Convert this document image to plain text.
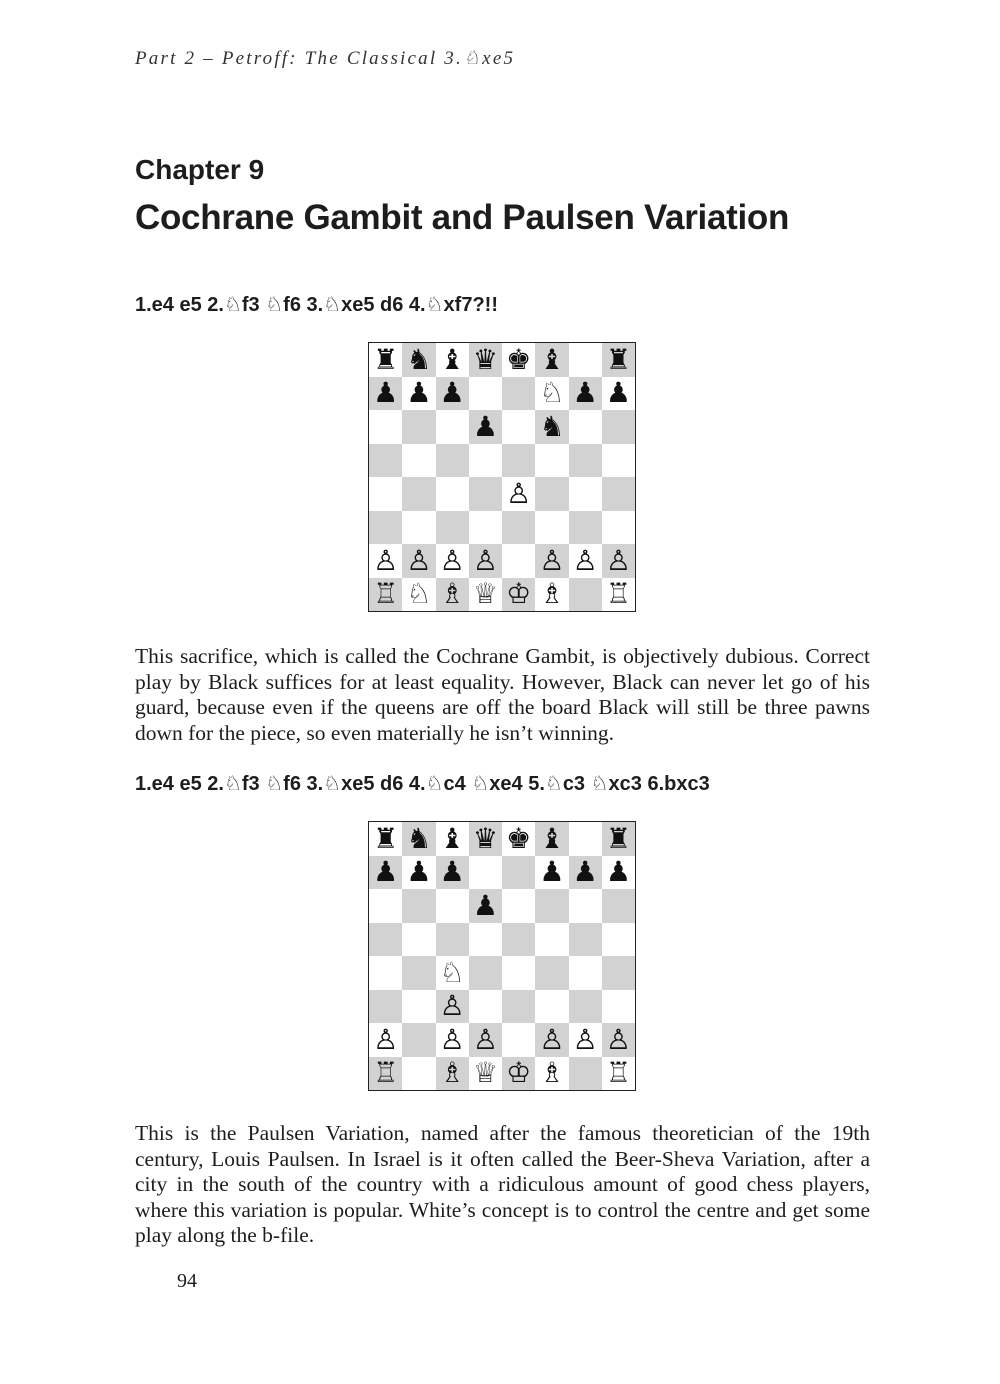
Part 2 – Petroff: The Classical 3.♘xe5
Chapter 9
Cochrane Gambit and Paulsen Variation
1.e4 e5 2.♘f3 ♘f6 3.♘xe5 d6 4.♘xf7?!!
♜ ♞ ♝ ♛ ♚ ♝ ♜
♟ ♟ ♟	♘ ♟ ♟
♟ ♞
♙
♙ ♙ ♙ ♙ ♙ ♙ ♙
♖ ♘ ♗ ♕ ♔ ♗ ♖

This sacrifice, which is called the Cochrane Gambit, is objectively dubious. Correct play by Black suffices for at least equality. However, Black can never let go of his guard, because even if the queens are off the board Black will still be three pawns down for the piece, so even materially he isn’t winning.

1.e4 e5 2.♘f3 ♘f6 3.♘xe5 d6 4.♘c4 ♘xe4 5.♘c3 ♘xc3 6.bxc3
♜ ♞ ♝ ♛ ♚ ♝ ♜
♟ ♟ ♟	♟ ♟ ♟
♟
♘
♙
♙ ♙ ♙ ♙ ♙ ♙
♖ ♗ ♕ ♔ ♗ ♖

This is the Paulsen Variation, named after the famous theoretician of the 19th century, Louis Paulsen. In Israel is it often called the Beer-Sheva Variation, after a city in the south of the country with a ridiculous amount of good chess players, where this variation is popular. White’s concept is to control the centre and get some play along the b-file.

94
